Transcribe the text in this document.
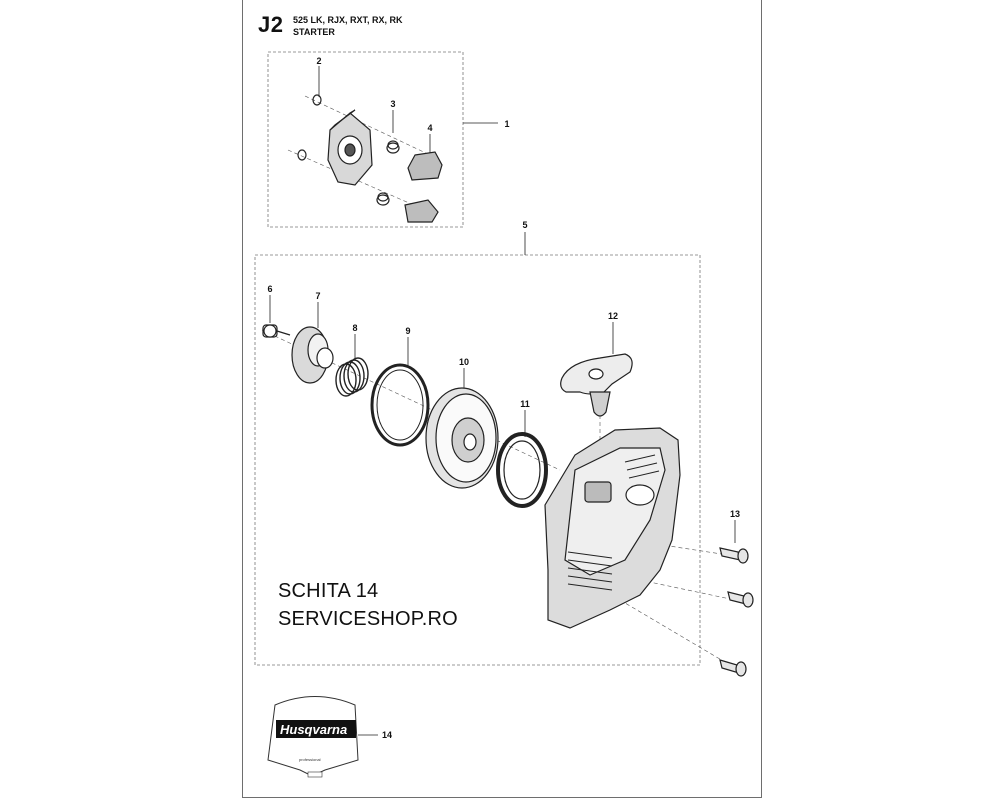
J2 525 LK, RJX, RXT, RX, RK
STARTER
1
2
3
4
5
6
7
8	9
10
11
12
13
14
SCHITA 14
SERVICESHOP.RO
Husqvarna
professional
